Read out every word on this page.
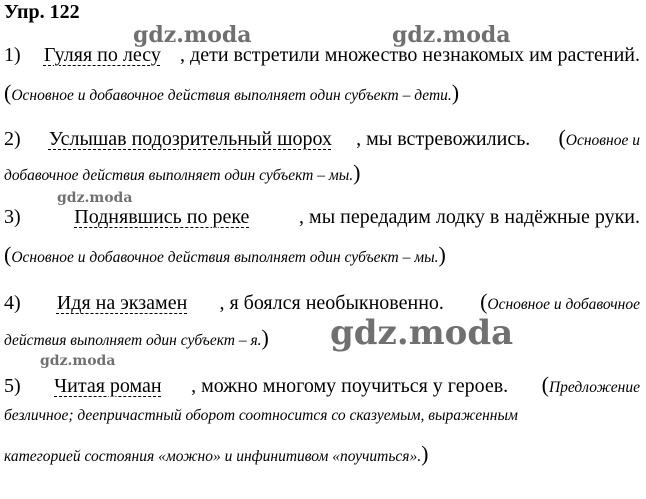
Упр. 122
1) Гуляя по лесу , дети встретили множество незнакомых им растений.
( Основное и добавочное действия выполняет один субъект – дети. )
2) Услышав подозрительный шорох , мы встревожились. (Основное и
добавочное действия выполняет один субъект – мы. )
3)	Поднявшись по реке , мы передадим лодку в надёжные руки.
( Основное и добавочное действия выполняет один субъект – мы. )
4) Идя на экзамен , я боялся необыкновенно. (Основное и добавочное
действия выполняет один субъект – я. )
5) Читая роман , можно многому поучиться у героев. (Предложение
безличное; деепричастный оборот соотносится со сказуемым, выраженным
категорией состояния «можно» и инфинитивом «поучиться». )
gdz.moda	gdz.moda
gdz.moda
gdz.moda
gdz.moda
